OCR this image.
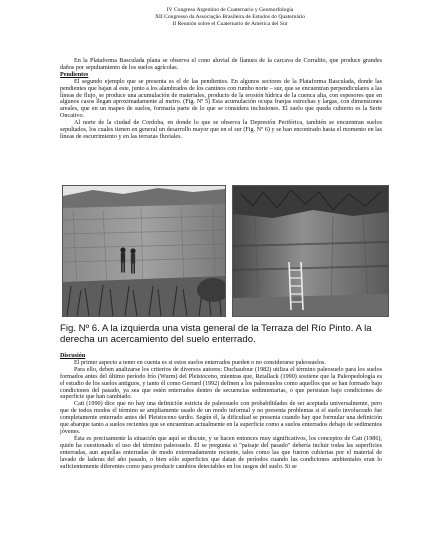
IV Congreso Argentino de Cuaternario y Geomorfología
XII Congresso da Associação Brasileira de Estudos do Quaternário
II Reunión sobre el Cuaternario de América del Sur

En la Plataforma Basculada plana se observa el cono aluvial de llanura de la carcava de Corralito, que produce grandes daños por sepultamiento de los suelos agrícolas.

Pendientes

El segundo ejemplo que se presenta es el de las pendientes. En algunos sectores de la Plataforma Basculada, donde las pendientes que bajan al este, junto a los alambrados de los caminos con rumbo norte – sur, que se encuentran perpendiculares a las líneas de flujo, se produce una acumulación de materiales, producto de la erosión hídrica de la cuenca alta, con espesores que en algunos casos llegan aproximadamente al metro. (Fig. Nº 5) Esta acumulación ocupa franjas estrechas y largas, con dimensiones areales, que en un mapeo de suelos, formaría parte de lo que se considera inclusiones. El suelo que queda cubierto es la Serie Oncativo.

Al norte de la ciudad de Cordoba, en donde lo que se observa la Depresión Periférica, también se encuentran suelos sepultados, los cuales tienen en general un desarrollo mayor que en el sur (Fig. Nº 6) y se han encontrado hasta el momento en las líneas de escurrimiento y en las terrazas fluviales.

Fig. Nº 6. A la izquierda una vista general de la Terraza del Río Pinto. A la derecha un acercamiento del suelo enterrado.

Discusión

El primer aspecto a tener en cuenta es si estos suelos enterrados pueden o no considerarse paleosuelos.

Para ello, deben analizarse los criterios de diversos autores: Duchaufour (1982) utiliza el término paleosuelo para los suelos formados antes del último período frío (Wurm) del Pleistoceno, mientras que, Retallack (1990) sostiene que la Paleopedología es el estudio de los suelos antiguos, y tanto él como Gerrard (1992) definen a los paleosuelos como aquellos que se han formado bajo condiciones del pasado, ya sea que estén enterrados dentro de secuencias sedimentarias, o que persistan bajo condiciones de superficie que han cambiado.

Catt (1990) dice que no hay una definición estricta de paleosuelo con probabilidades de ser aceptada universalmente, pero que de todos modos el término se ampliamente usado de un modo informal y no presenta problemas si el suelo involucrado fue completamente enterrado antes del Pleistoceno tardío. Según él, la dificultad se presenta cuando hay que formular una definición que abarque tanto a suelos recientes que se encuentran actualmente en la superficie como a suelos enterrados debajo de sedimentos jóvenes.

Ésta es precisamente la situación que aquí se discute, y se hacen entonces muy significativos, los conceptos de Catt (1986), quién ha cuestionado el uso del término paleosuelo. Él se pregunta si "paisaje del pasado" debería incluir todas las superficies enterradas, aun aquellas enterradas de modo extremadamente reciente, tales como las que fueron cubiertas por el material de lavado de laderas del año pasado, o bien sólo superficies que datan de períodos cuando las condiciones ambientales eran lo suficientemente diferentes como para producir cambios detectables en los rasgos del suelo. Si se
